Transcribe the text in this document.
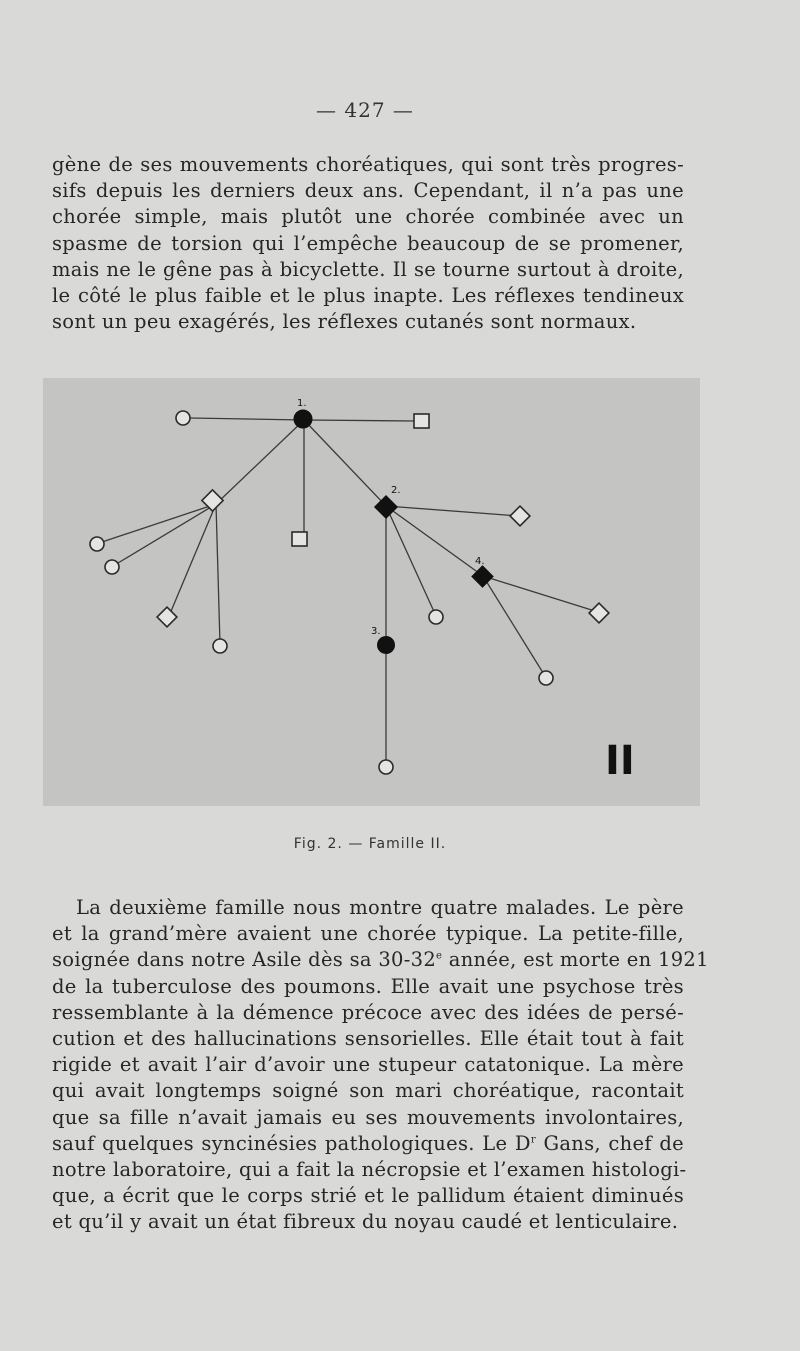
— 427 —
gène de ses mouvements choréatiques, qui sont très progres-
sifs depuis les derniers deux ans. Cependant, il n’a pas une
chorée simple, mais plutôt une chorée combinée avec un
spasme de torsion qui l’empêche beaucoup de se promener,
mais ne le gêne pas à bicyclette. Il se tourne surtout à droite,
le côté le plus faible et le plus inapte. Les réflexes tendineux
sont un peu exagérés, les réflexes cutanés sont normaux.
1.
2.
3.
4.
II
Fig. 2. — Famille II.
La deuxième famille nous montre quatre malades. Le père
et la grand’mère avaient une chorée typique. La petite-fille,
soignée dans notre Asile dès sa 30-32e année, est morte en 1921
de la tuberculose des poumons. Elle avait une psychose très
ressemblante à la démence précoce avec des idées de persé-
cution et des hallucinations sensorielles. Elle était tout à fait
rigide et avait l’air d’avoir une stupeur catatonique. La mère
qui avait longtemps soigné son mari choréatique, racontait
que sa fille n’avait jamais eu ses mouvements involontaires,
sauf quelques syncinésies pathologiques. Le $D^r$ Gans, chef de
notre laboratoire, qui a fait la nécropsie et l’examen histologi-
que, a écrit que le corps strié et le pallidum étaient diminués
et qu’il y avait un état fibreux du noyau caudé et lenticulaire.
